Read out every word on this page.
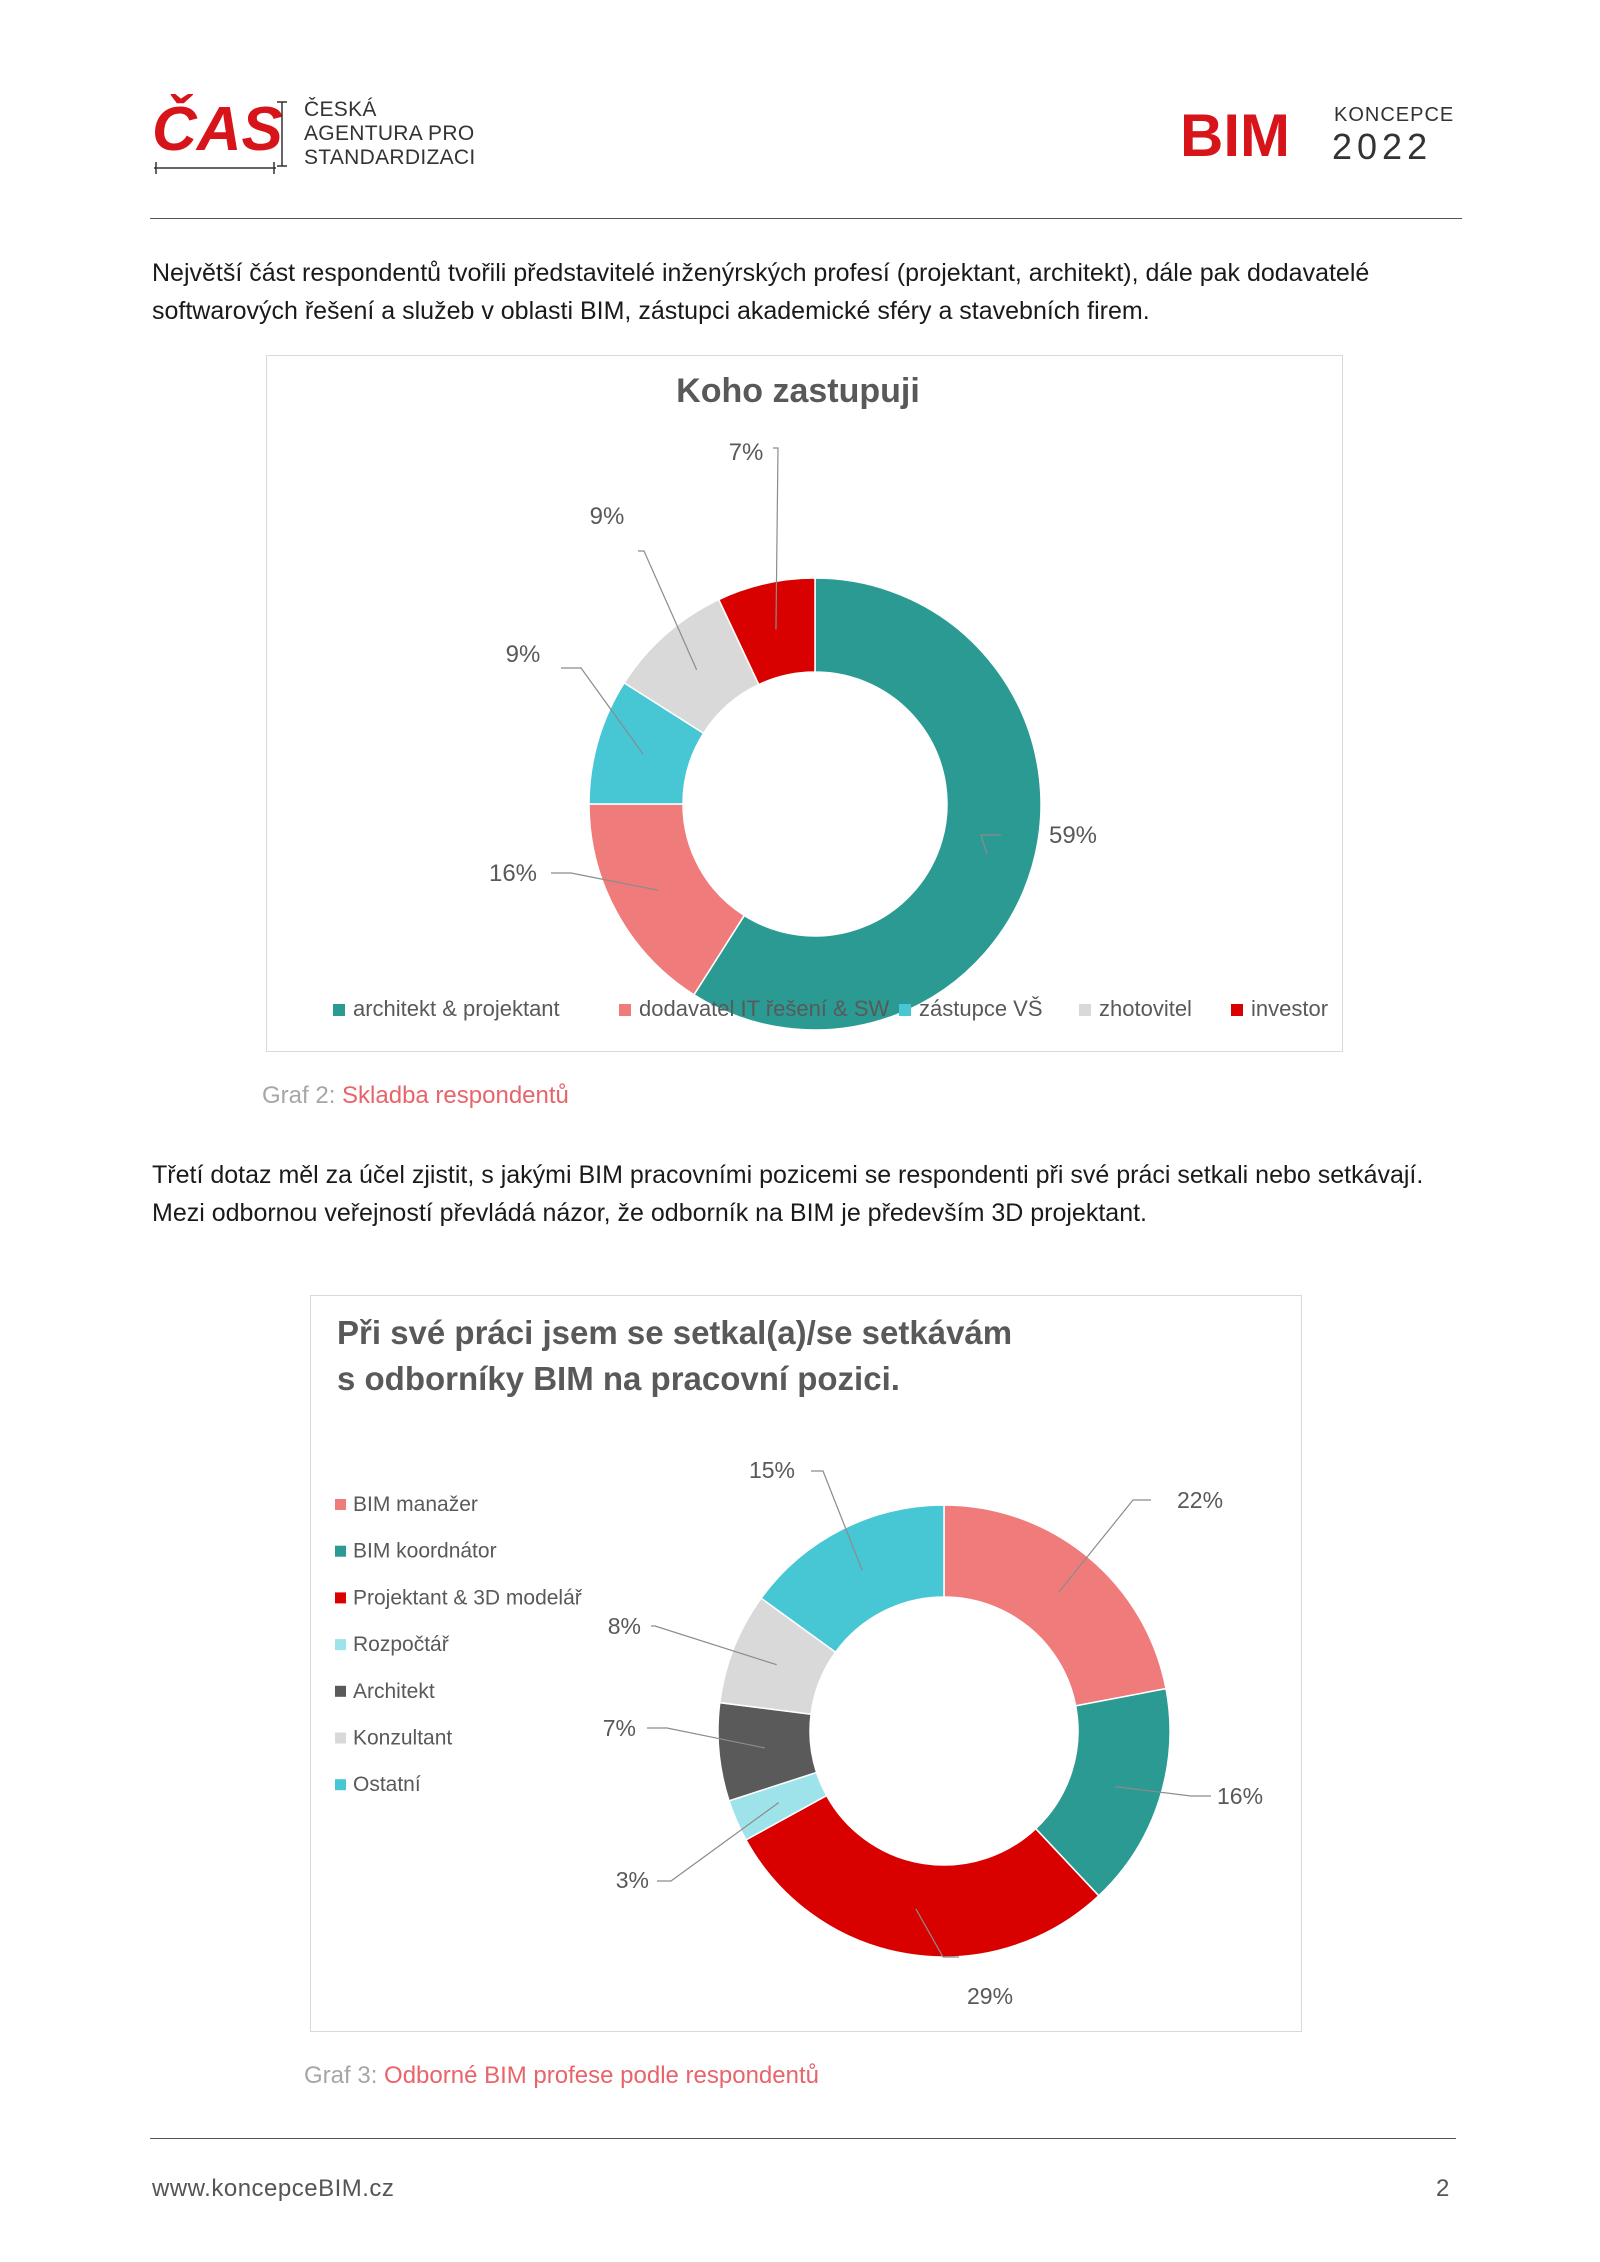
ČAS ČESKÁ
AGENTURA PRO
STANDARDIZACI	BIM KONCEPCE
2022
Největší část respondentů tvořili představitelé inženýrských profesí (projektant, architekt), dále pak dodavatelé softwarových řešení a služeb v oblasti BIM, zástupci akademické sféry a stavebních firem.
Koho zastupuji
59%
16%
9%
9%
7%
architekt & projektant	dodavatel IT řešení & SW zástupce VŠ	zhotovitel	investor
Graf 2: Skladba respondentů
Třetí dotaz měl za účel zjistit, s jakými BIM pracovními pozicemi se respondenti při své práci setkali nebo setkávají. Mezi odbornou veřejností převládá názor, že odborník na BIM je především 3D projektant.
Při své práci jsem se setkal(a)/se setkávám
s odborníky BIM na pracovní pozici.
22%
16%
29%
3%
7%
8%
15%
BIM manažer
BIM koordnátor
Projektant & 3D modelář
Rozpočtář
Architekt
Konzultant
Ostatní
Graf 3: Odborné BIM profese podle respondentů
www.koncepceBIM.cz	2
